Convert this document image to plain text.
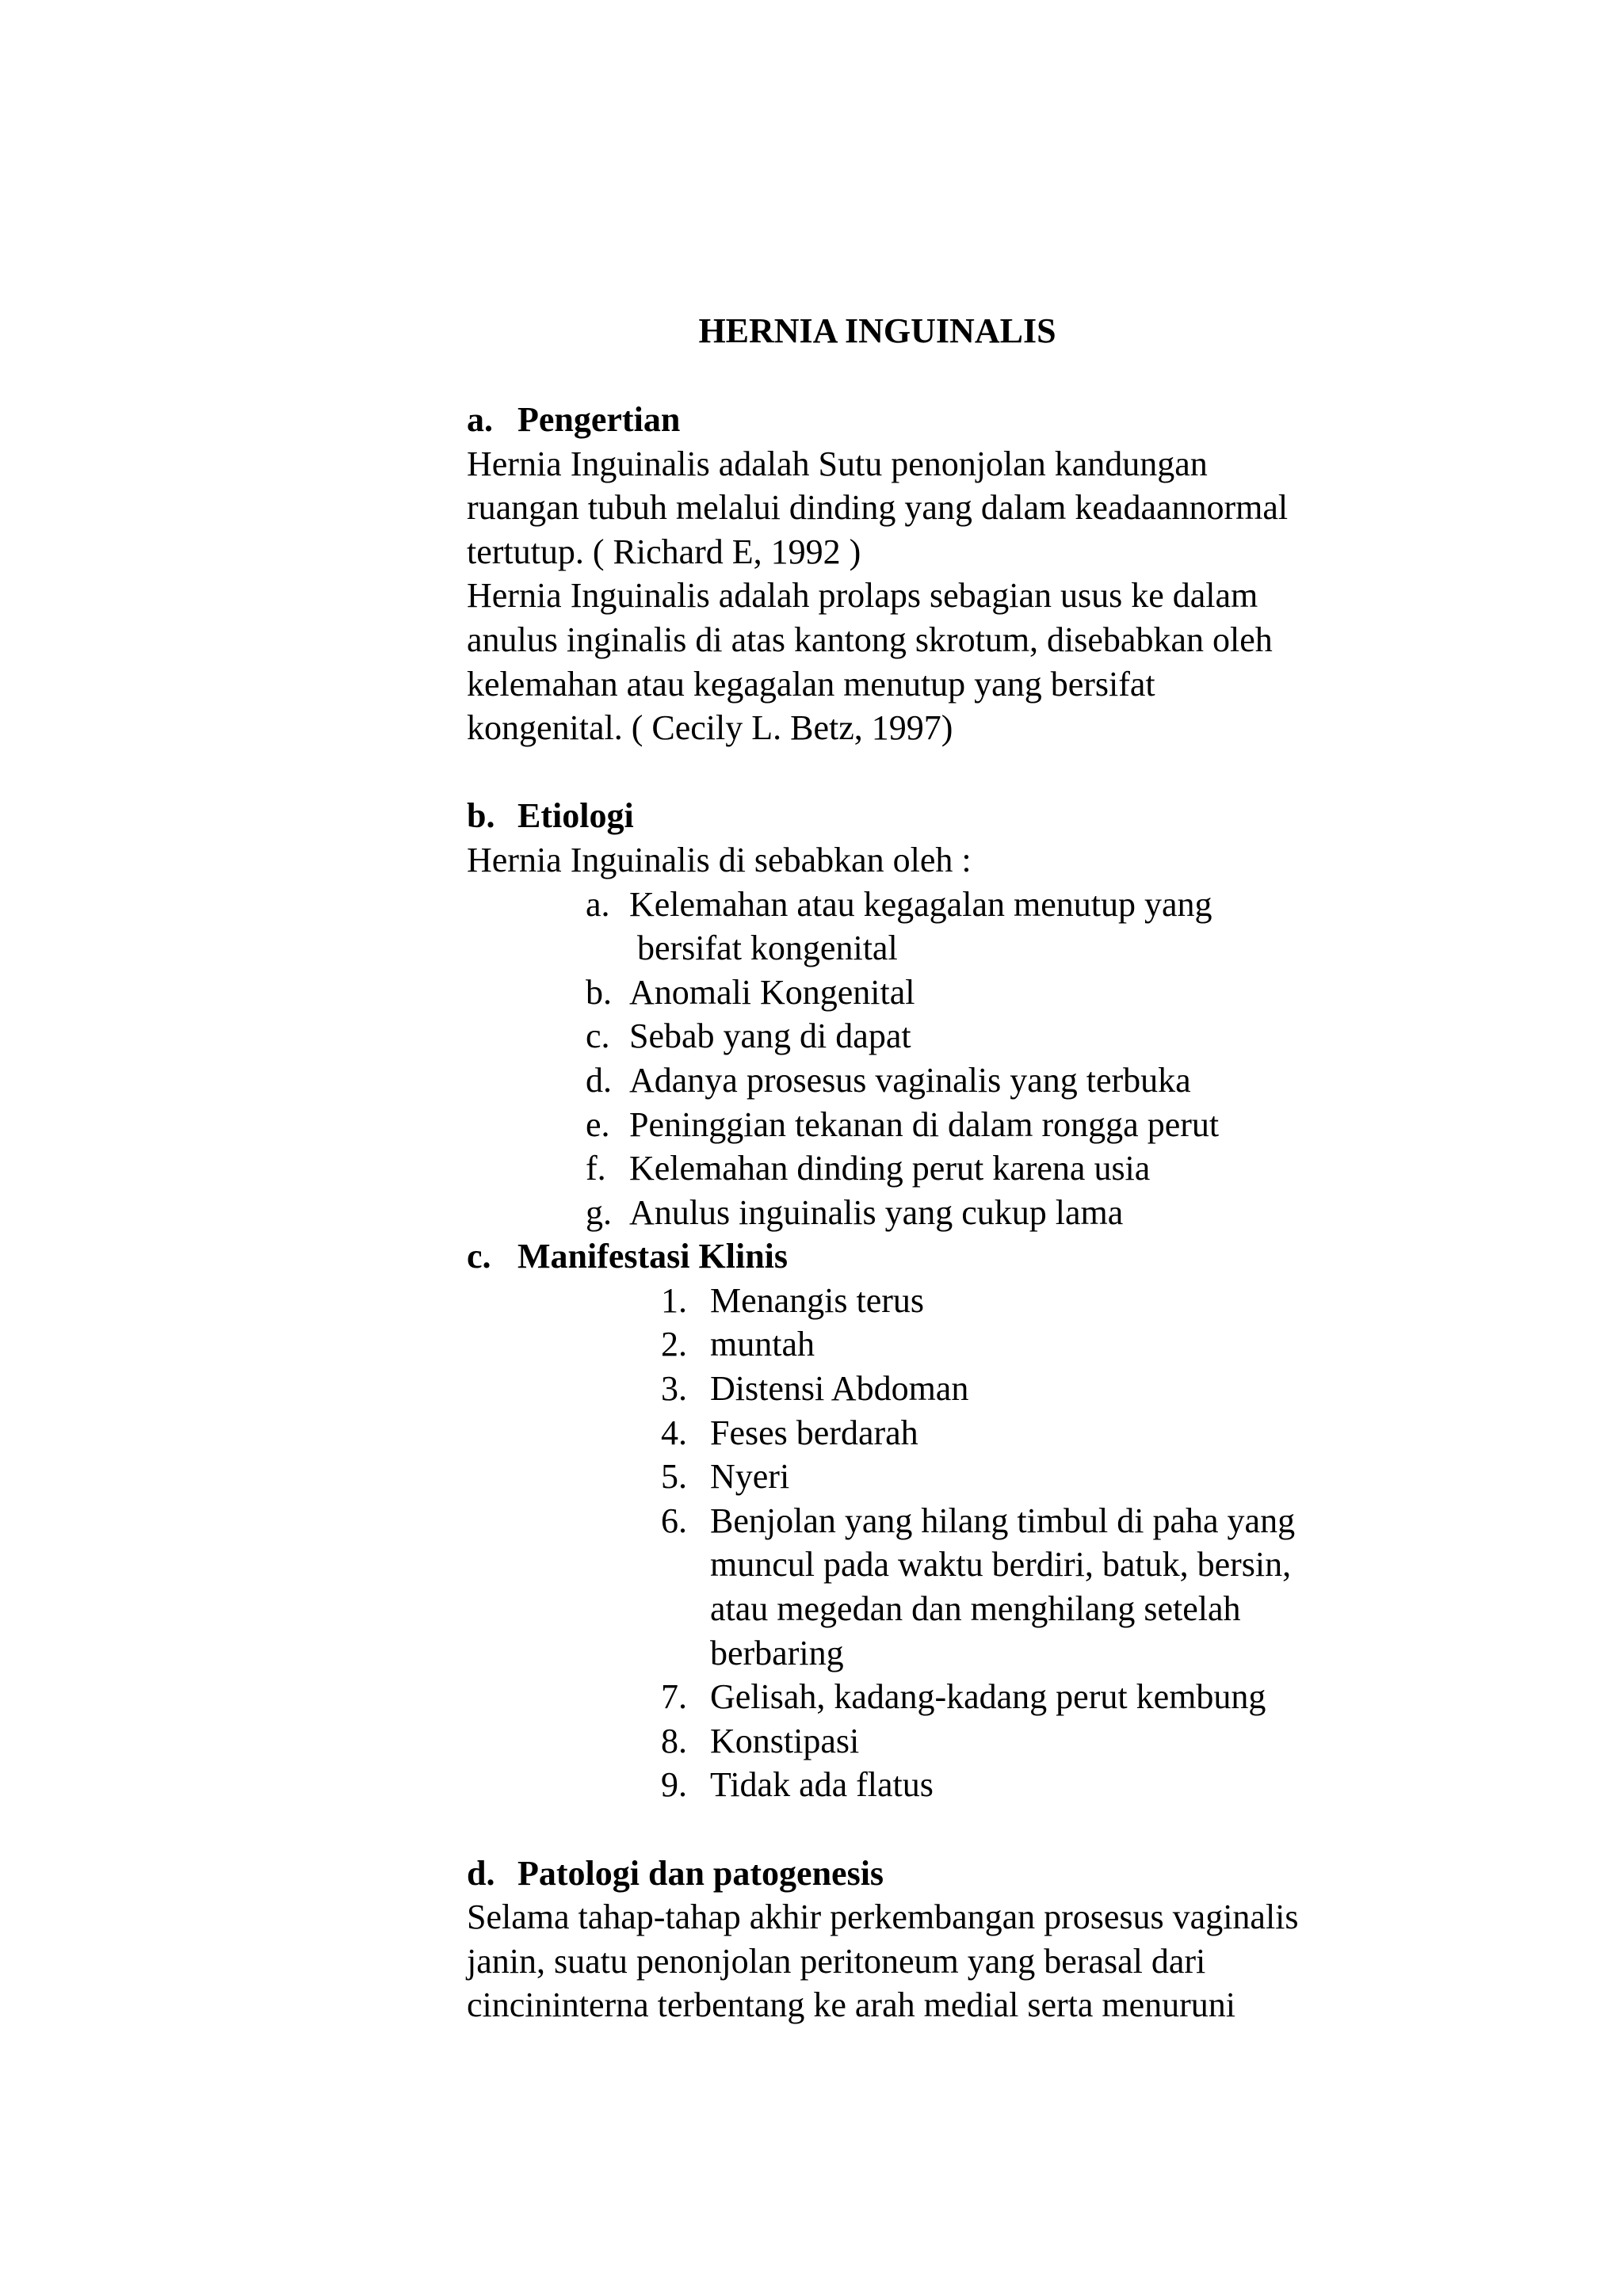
HERNIA INGUINALIS
a. Pengertian
Hernia Inguinalis adalah Sutu penonjolan kandungan
ruangan tubuh melalui dinding yang dalam keadaannormal
tertutup. ( Richard E, 1992 )
Hernia Inguinalis adalah prolaps sebagian usus ke dalam
anulus inginalis di atas kantong skrotum, disebabkan oleh
kelemahan atau kegagalan menutup yang bersifat
kongenital. ( Cecily L. Betz, 1997)
b. Etiologi
Hernia Inguinalis di sebabkan oleh :
a. Kelemahan atau kegagalan menutup yang
bersifat kongenital
b. Anomali Kongenital
c. Sebab yang di dapat
d. Adanya prosesus vaginalis yang terbuka
e. Peninggian tekanan di dalam rongga perut
f. Kelemahan dinding perut karena usia
g. Anulus inguinalis yang cukup lama
c. Manifestasi Klinis
1. Menangis terus
2. muntah
3. Distensi Abdoman
4. Feses berdarah
5. Nyeri
6. Benjolan yang hilang timbul di paha yang
muncul pada waktu berdiri, batuk, bersin,
atau megedan dan menghilang setelah
berbaring
7. Gelisah, kadang-kadang perut kembung
8. Konstipasi
9. Tidak ada flatus
d. Patologi dan patogenesis
Selama tahap-tahap akhir perkembangan prosesus vaginalis
janin, suatu penonjolan peritoneum yang berasal dari
cincininterna terbentang ke arah medial serta menuruni
